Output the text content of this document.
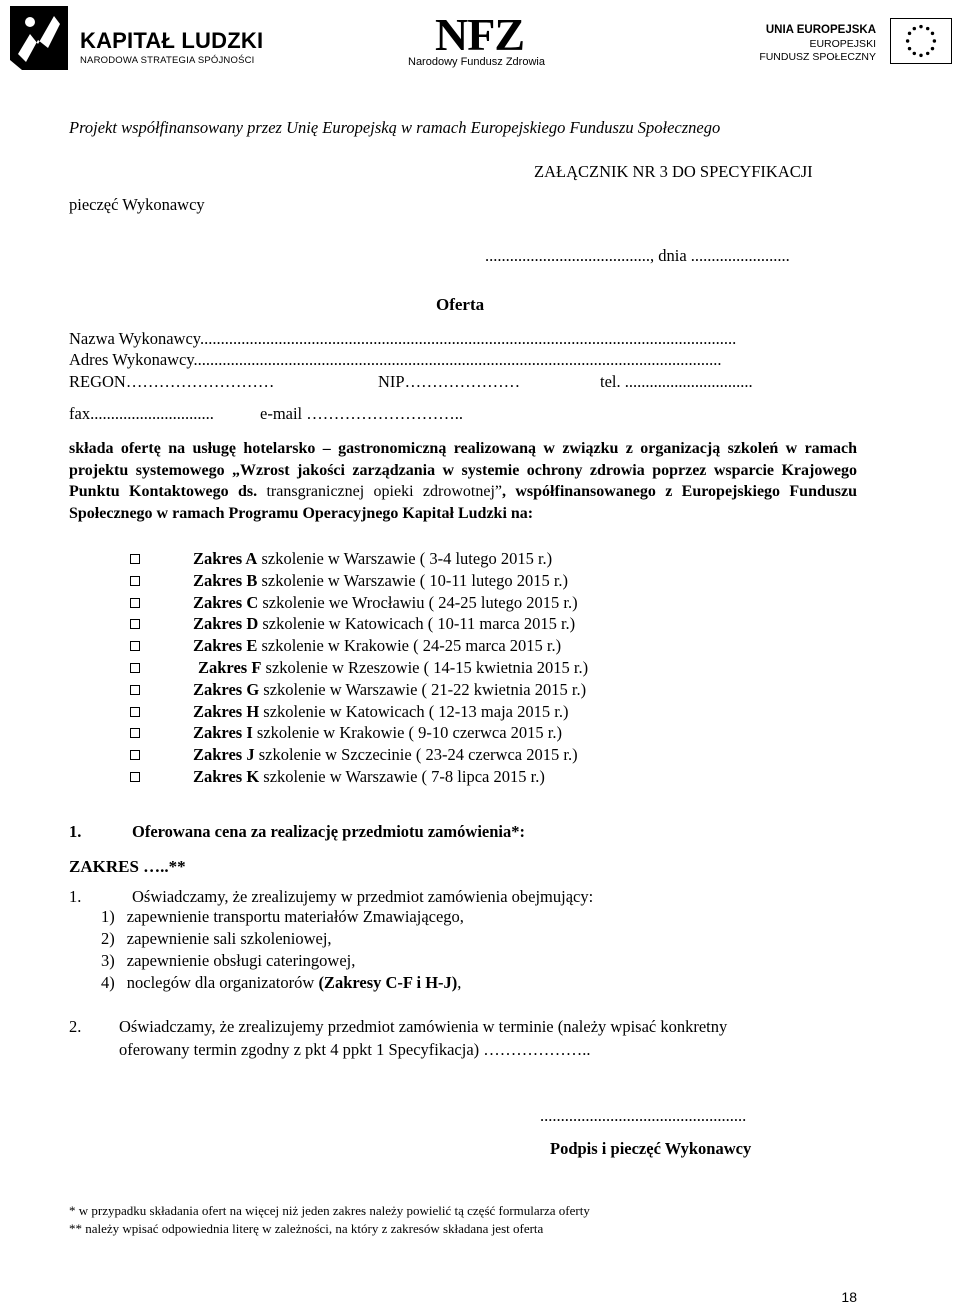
KAPITAŁ LUDZKI
NARODOWA STRATEGIA SPÓJNOŚCI
NFZ
Narodowy Fundusz Zdrowia
UNIA EUROPEJSKA
EUROPEJSKI
FUNDUSZ SPOŁECZNY
Projekt współfinansowany przez Unię Europejską w ramach Europejskiego Funduszu Społecznego
ZAŁĄCZNIK NR 3 DO SPECYFIKACJI
pieczęć Wykonawcy
........................................, dnia ........................
Oferta
Nazwa Wykonawcy..................................................................................................................................
Adres Wykonawcy................................................................................................................................
REGON………………………	NIP…………………	tel. ...............................
fax..............................	e-mail ………………………..
składa ofertę na usługę hotelarsko – gastronomiczną realizowaną w związku z organizacją szkoleń w ramach projektu systemowego „Wzrost jakości zarządzania w systemie ochrony zdrowia poprzez wsparcie Krajowego Punktu Kontaktowego ds. transgranicznej opieki zdrowotnej”, współfinansowanego z Europejskiego Funduszu Społecznego w ramach Programu Operacyjnego Kapitał Ludzki na:
Zakres A szkolenie w Warszawie ( 3-4 lutego 2015 r.)
Zakres B szkolenie w Warszawie ( 10-11 lutego 2015 r.)
Zakres C szkolenie we Wrocławiu ( 24-25 lutego 2015 r.)
Zakres D szkolenie w Katowicach ( 10-11 marca 2015 r.)
Zakres E szkolenie w Krakowie ( 24-25 marca 2015 r.)
Zakres F szkolenie w Rzeszowie ( 14-15 kwietnia 2015 r.)
Zakres G szkolenie w Warszawie ( 21-22 kwietnia 2015 r.)
Zakres H szkolenie w Katowicach ( 12-13 maja 2015 r.)
Zakres I szkolenie w Krakowie ( 9-10 czerwca 2015 r.)
Zakres J szkolenie w Szczecinie ( 23-24 czerwca 2015 r.)
Zakres K szkolenie w Warszawie ( 7-8 lipca 2015 r.)
1.	Oferowana cena za realizację przedmiotu zamówienia*:
ZAKRES …..**
1.	Oświadczamy, że zrealizujemy w przedmiot zamówienia obejmujący:
1) zapewnienie transportu materiałów Zmawiającego,
2) zapewnienie sali szkoleniowej,
3) zapewnienie obsługi cateringowej,
4) noclegów dla organizatorów (Zakresy C-F i H-J),
2. Oświadczamy, że zrealizujemy przedmiot zamówienia w terminie (należy wpisać konkretny
oferowany termin zgodny z pkt 4 ppkt 1 Specyfikacja) ………………..
..................................................
Podpis i pieczęć Wykonawcy
* w przypadku składania ofert na więcej niż jeden zakres należy powielić tą część formularza oferty
** należy wpisać odpowiednia literę w zależności, na który z zakresów składana jest oferta
18
